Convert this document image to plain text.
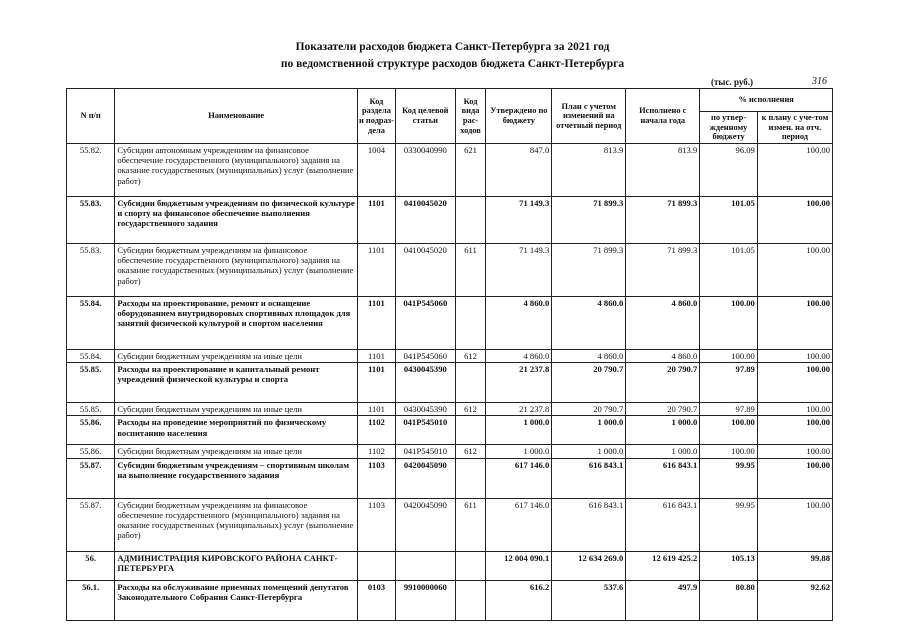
Показатели расходов бюджета Санкт-Петербурга за 2021 год
по ведомственной структуре расходов бюджета Санкт-Петербурга
(тыс. руб.)	316
N п/п	Наименование	Код раздела и подраз-дела	Код целевой статьи	Код вида рас-ходов	Утверждено по бюджету	План с учетом изменений на отчетный период	Исполнено с начала года	% исполнения	
								по утвер-жденному бюджету	к плану с уче-том измен. на отч. период
55.82.	Субсидии автономным учреждениям на финансовое обеспечение государственного (муниципального) задания на оказание государственных (муниципальных) услуг (выполнение работ)	1004	0330040990	621	847.0	813.9	813.9	96.09	100.00
55.83.	Субсидии бюджетным учреждениям по физической культуре и спорту на финансовое обеспечение выполнения государственного задания	1101	0410045020		71 149.3	71 899.3	71 899.3	101.05	100.00
55.83.	Субсидии бюджетным учреждениям на финансовое обеспечение государственного (муниципального) задания на оказание государственных (муниципальных) услуг (выполнение работ)	1101	0410045020	611	71 149.3	71 899.3	71 899.3	101.05	100.00
55.84.	Расходы на проектирование, ремонт и оснащение оборудованием внутридворовых спортивных площадок для занятий физической культурой и спортом населения	1101	041P545060		4 860.0	4 860.0	4 860.0	100.00	100.00
55.84.	Субсидии бюджетным учреждениям на иные цели	1101	041P545060	612	4 860.0	4 860.0	4 860.0	100.00	100.00
55.85.	Расходы на проектирование и капитальный ремонт учреждений физической культуры и спорта	1101	0430045390		21 237.8	20 790.7	20 790.7	97.89	100.00
55.85.	Субсидии бюджетным учреждениям на иные цели	1101	0430045390	612	21 237.8	20 790.7	20 790.7	97.89	100.00
55.86.	Расходы на проведение мероприятий по физическому воспитанию населения	1102	041P545010		1 000.0	1 000.0	1 000.0	100.00	100.00
55.86.	Субсидии бюджетным учреждениям на иные цели	1102	041P545010	612	1 000.0	1 000.0	1 000.0	100.00	100.00
55.87.	Субсидии бюджетным учреждениям – спортивным школам на выполнение государственного задания	1103	0420045090		617 146.0	616 843.1	616 843.1	99.95	100.00
55.87.	Субсидии бюджетным учреждениям на финансовое обеспечение государственного (муниципального) задания на оказание государственных (муниципальных) услуг (выполнение работ)	1103	0420045090	611	617 146.0	616 843.1	616 843.1	99.95	100.00
56.	АДМИНИСТРАЦИЯ КИРОВСКОГО РАЙОНА САНКТ-ПЕТЕРБУРГА				12 004 090.1	12 634 269.0	12 619 425.2	105.13	99.88
56.1.	Расходы на обслуживание приемных помещений депутатов Законодательного Собрания Санкт-Петербурга	0103	9910000060		616.2	537.6	497.9	80.80	92.62
